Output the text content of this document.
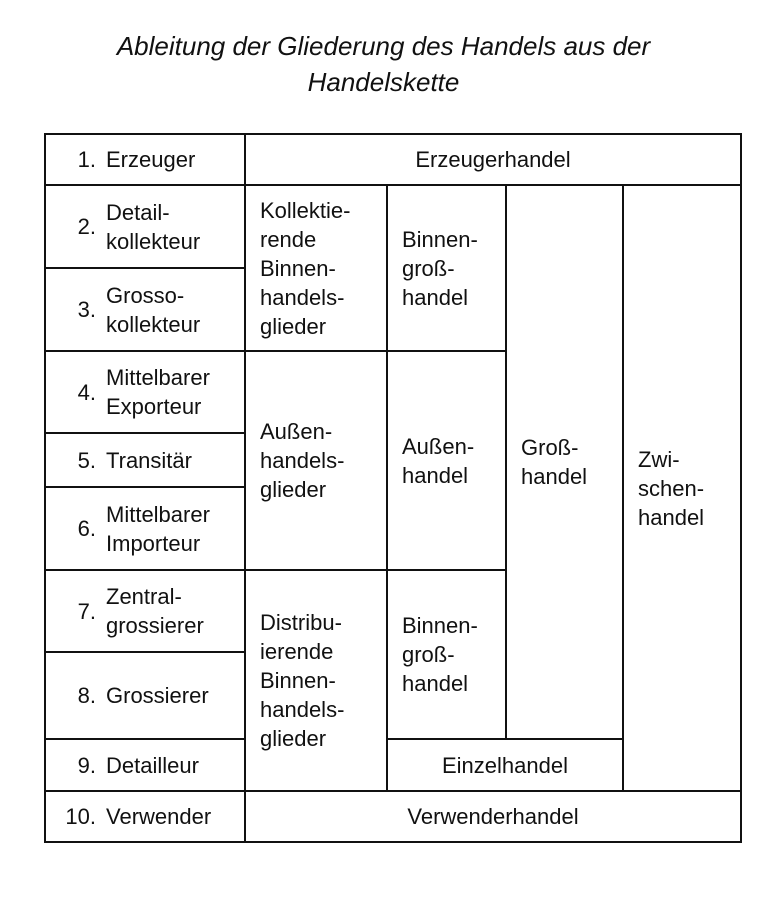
Ableitung der Gliederung des Handels aus der
Handelskette
1. Erzeuger
2.
Detail-
kollekteur
3.
Grosso-
kollekteur
4.
Mittelbarer
Exporteur
5. Transitär
6.
Mittelbarer
Importeur
7.
Zentral-
grossierer
8. Grossierer
9. Detailleur
10. Verwender
Erzeugerhandel
Kollektie-
rende
Binnen-
handels-
glieder
Außen-
handels-
glieder
Distribu-
ierende
Binnen-
handels-
glieder
Binnen-
groß-
handel
Außen-
handel
Binnen-
groß-
handel
Groß-
handel
Einzelhandel
Zwi-
schen-
handel
Verwenderhandel
